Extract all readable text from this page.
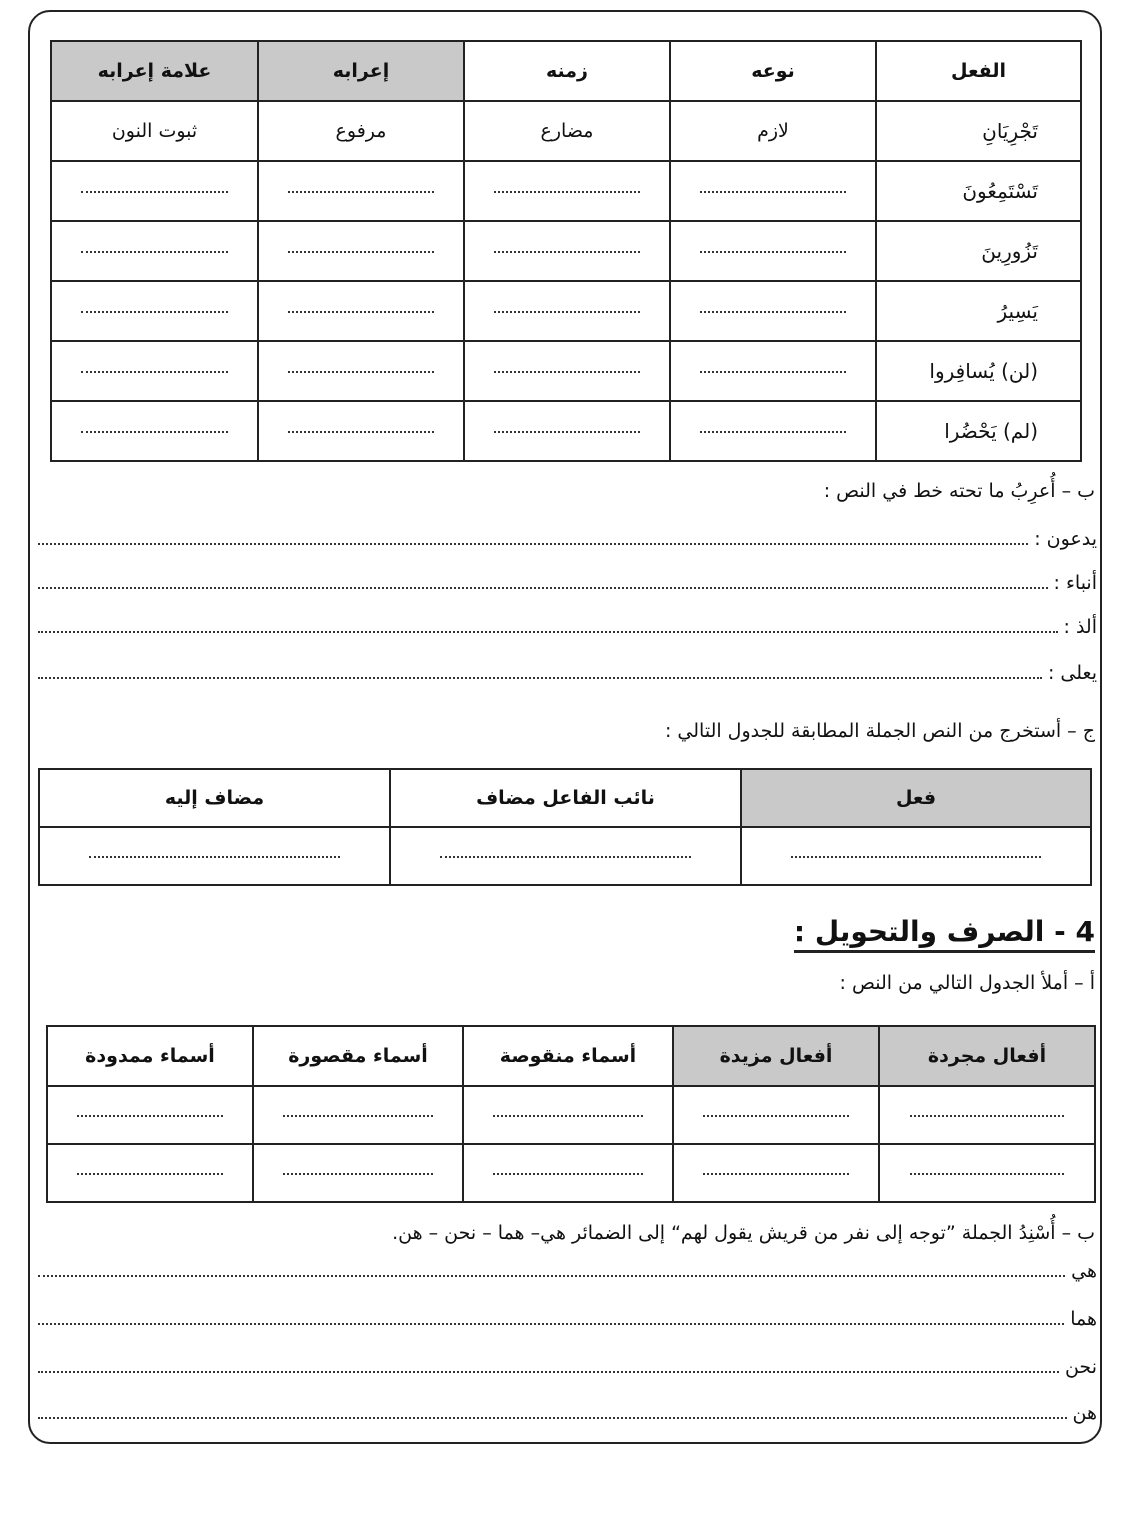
الفعل	نوعه	زمنه	إعرابه	علامة إعرابه
تَجْرِيَانِ	لازم	مضارع	مرفوع	ثبوت النون
تَسْتَمِعُونَ				
تَزُورِينَ				
يَسِيرُ				
(لن) يُسافِروا				
(لم) يَحْضُرا				
ب – أُعرِبُ ما تحته خط في النص :
يدعون :
أنباء :
ألذ :
يعلى :
ج – أستخرج من النص الجملة المطابقة للجدول التالي :
فعل	نائب الفاعل مضاف	مضاف إليه

4 - الصرف والتحويل :
أ – أملأ الجدول التالي من النص :
أفعال مجردة	أفعال مزيدة	أسماء منقوصة	أسماء مقصورة	أسماء ممدودة

ب – أُسْنِدُ الجملة ”توجه إلى نفر من قريش يقول لهم“ إلى الضمائر هي– هما – نحن – هن.
هي
هما
نحن
هن
